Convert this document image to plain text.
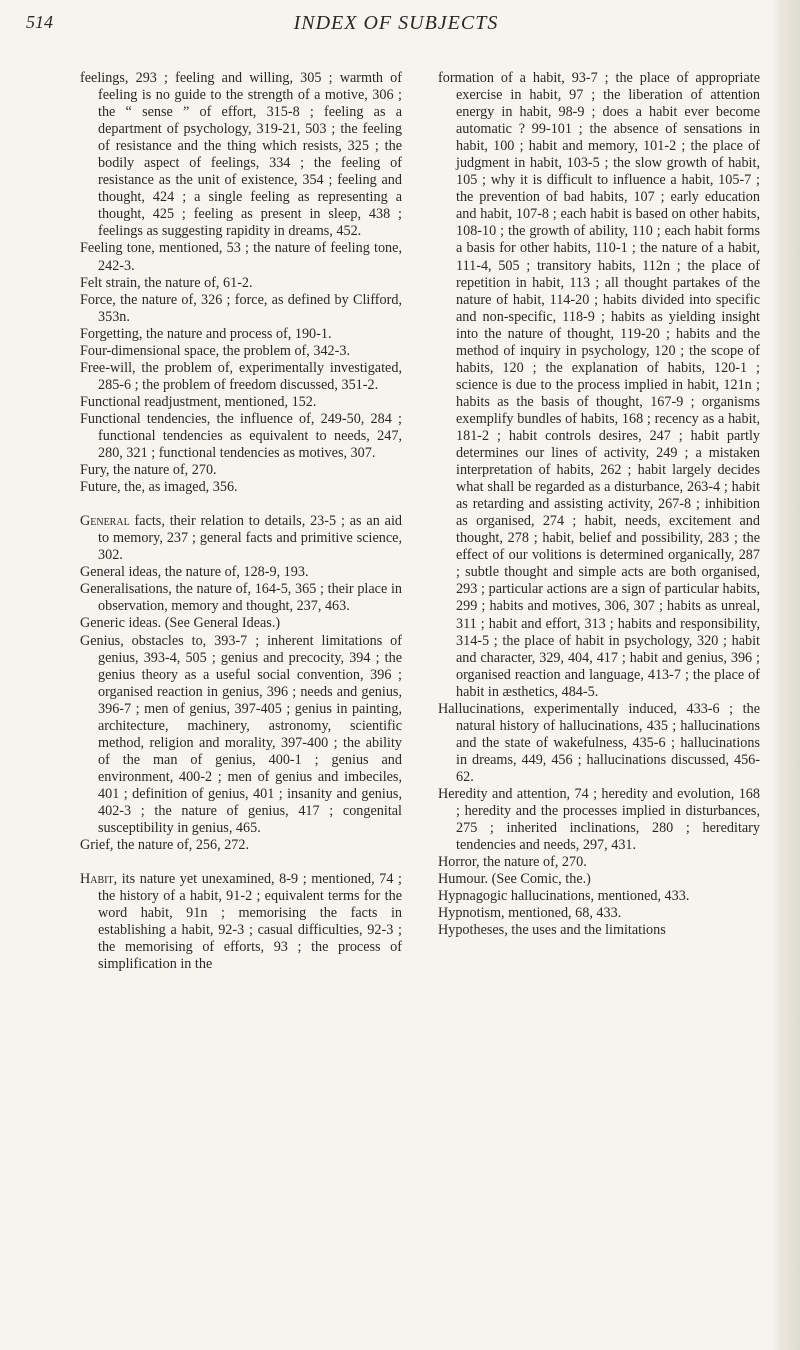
514	INDEX OF SUBJECTS

feelings, 293 ; feeling and willing, 305 ; warmth of feeling is no guide to the strength of a motive, 306 ; the “ sense ” of effort, 315-8 ; feeling as a department of psychology, 319-21, 503 ; the feeling of resistance and the thing which resists, 325 ; the bodily aspect of feelings, 334 ; the feeling of resistance as the unit of existence, 354 ; feeling and thought, 424 ; a single feeling as representing a thought, 425 ; feeling as present in sleep, 438 ; feelings as suggesting rapidity in dreams, 452.

Feeling tone, mentioned, 53 ; the nature of feeling tone, 242-3.

Felt strain, the nature of, 61-2.

Force, the nature of, 326 ; force, as defined by Clifford, 353n.

Forgetting, the nature and process of, 190-1.

Four-dimensional space, the problem of, 342-3.

Free-will, the problem of, experimentally investigated, 285-6 ; the problem of freedom discussed, 351-2.

Functional readjustment, mentioned, 152.

Functional tendencies, the influence of, 249-50, 284 ; functional tendencies as equivalent to needs, 247, 280, 321 ; functional tendencies as motives, 307.

Fury, the nature of, 270.

Future, the, as imaged, 356.

General facts, their relation to details, 23-5 ; as an aid to memory, 237 ; general facts and primitive science, 302.

General ideas, the nature of, 128-9, 193.

Generalisations, the nature of, 164-5, 365 ; their place in observation, memory and thought, 237, 463.

Generic ideas. (See General Ideas.)

Genius, obstacles to, 393-7 ; inherent limitations of genius, 393-4, 505 ; genius and precocity, 394 ; the genius theory as a useful social convention, 396 ; organised reaction in genius, 396 ; needs and genius, 396-7 ; men of genius, 397-405 ; genius in painting, architecture, machinery, astronomy, scientific method, religion and morality, 397-400 ; the ability of the man of genius, 400-1 ; genius and environment, 400-2 ; men of genius and imbeciles, 401 ; definition of genius, 401 ; insanity and genius, 402-3 ; the nature of genius, 417 ; congenital susceptibility in genius, 465.

Grief, the nature of, 256, 272.

Habit, its nature yet unexamined, 8-9 ; mentioned, 74 ; the history of a habit, 91-2 ; equivalent terms for the word habit, 91n ; memorising the facts in establishing a habit, 92-3 ; casual difficulties, 92-3 ; the memorising of efforts, 93 ; the process of simplification in the

formation of a habit, 93-7 ; the place of appropriate exercise in habit, 97 ; the liberation of attention energy in habit, 98-9 ; does a habit ever become automatic ? 99-101 ; the absence of sensations in habit, 100 ; habit and memory, 101-2 ; the place of judgment in habit, 103-5 ; the slow growth of habit, 105 ; why it is difficult to influence a habit, 105-7 ; the prevention of bad habits, 107 ; early education and habit, 107-8 ; each habit is based on other habits, 108-10 ; the growth of ability, 110 ; each habit forms a basis for other habits, 110-1 ; the nature of a habit, 111-4, 505 ; transitory habits, 112n ; the place of repetition in habit, 113 ; all thought partakes of the nature of habit, 114-20 ; habits divided into specific and non-specific, 118-9 ; habits as yielding insight into the nature of thought, 119-20 ; habits and the method of inquiry in psychology, 120 ; the scope of habits, 120 ; the explanation of habits, 120-1 ; science is due to the process implied in habit, 121n ; habits as the basis of thought, 167-9 ; organisms exemplify bundles of habits, 168 ; recency as a habit, 181-2 ; habit controls desires, 247 ; habit partly determines our lines of activity, 249 ; a mistaken interpretation of habits, 262 ; habit largely decides what shall be regarded as a disturbance, 263-4 ; habit as retarding and assisting activity, 267-8 ; inhibition as organised, 274 ; habit, needs, excitement and thought, 278 ; habit, belief and possibility, 283 ; the effect of our volitions is determined organically, 287 ; subtle thought and simple acts are both organised, 293 ; particular actions are a sign of particular habits, 299 ; habits and motives, 306, 307 ; habits as unreal, 311 ; habit and effort, 313 ; habits and responsibility, 314-5 ; the place of habit in psychology, 320 ; habit and character, 329, 404, 417 ; habit and genius, 396 ; organised reaction and language, 413-7 ; the place of habit in æsthetics, 484-5.

Hallucinations, experimentally induced, 433-6 ; the natural history of hallucinations, 435 ; hallucinations and the state of wakefulness, 435-6 ; hallucinations in dreams, 449, 456 ; hallucinations discussed, 456-62.

Heredity and attention, 74 ; heredity and evolution, 168 ; heredity and the processes implied in disturbances, 275 ; inherited inclinations, 280 ; hereditary tendencies and needs, 297, 431.

Horror, the nature of, 270.

Humour. (See Comic, the.)

Hypnagogic hallucinations, mentioned, 433.

Hypnotism, mentioned, 68, 433.

Hypotheses, the uses and the limitations
